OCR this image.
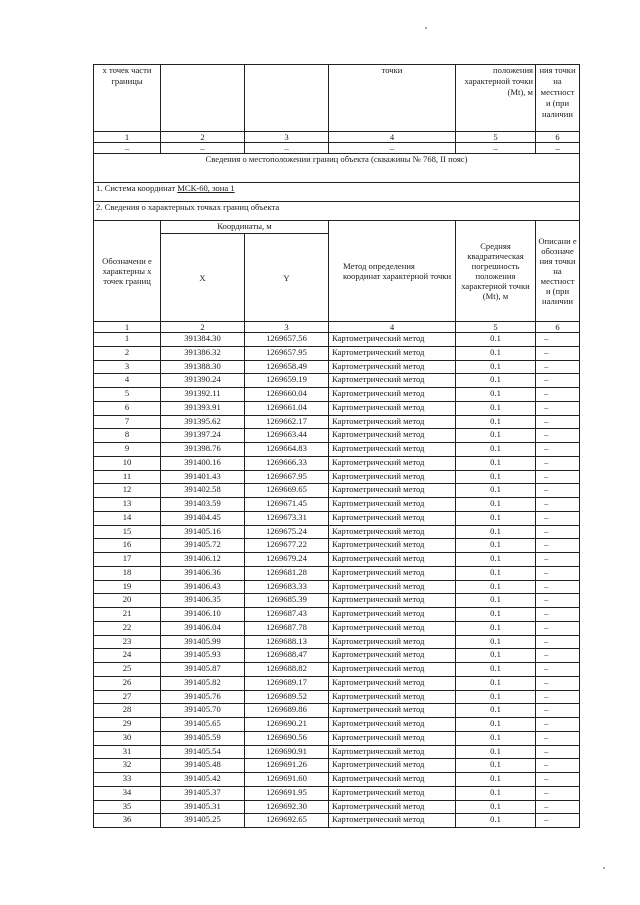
х точек части границы			точки	положения характерной точки (Mt), м	ния точки на местност и (при наличии
1	2	3	4	5	6
–	–	–	–	–	–
Сведения о местоположении границ объекта (скважины № 768, II пояс)					
1. Система координат МСК-60, зона 1					
2. Сведения о характерных точках границ объекта					
Обозначени е характерны х точек границ	Координаты, м		Метод определения координат характерной точки	Средняя квадратическая погрешность положения характерной точки (Mt), м	Описани е обозначе ния точки на местност и (при наличии
	X	Y			
1	2	3	4	5	6
1	391384.30	1269657.56	Картометрический метод	0.1	–
2	391386.32	1269657.95	Картометрический метод	0.1	–
3	391388.30	1269658.49	Картометрический метод	0.1	–
4	391390.24	1269659.19	Картометрический метод	0.1	–
5	391392.11	1269660.04	Картометрический метод	0.1	–
6	391393.91	1269661.04	Картометрический метод	0.1	–
7	391395.62	1269662.17	Картометрический метод	0.1	–
8	391397.24	1269663.44	Картометрический метод	0.1	–
9	391398.76	1269664.83	Картометрический метод	0.1	–
10	391400.16	1269666.33	Картометрический метод	0.1	–
11	391401.43	1269667.95	Картометрический метод	0.1	–
12	391402.58	1269669.65	Картометрический метод	0.1	–
13	391403.59	1269671.45	Картометрический метод	0.1	–
14	391404.45	1269673.31	Картометрический метод	0.1	–
15	391405.16	1269675.24	Картометрический метод	0.1	–
16	391405.72	1269677.22	Картометрический метод	0.1	–
17	391406.12	1269679.24	Картометрический метод	0.1	–
18	391406.36	1269681.28	Картометрический метод	0.1	–
19	391406.43	1269683.33	Картометрический метод	0.1	–
20	391406.35	1269685.39	Картометрический метод	0.1	–
21	391406.10	1269687.43	Картометрический метод	0.1	–
22	391406.04	1269687.78	Картометрический метод	0.1	–
23	391405.99	1269688.13	Картометрический метод	0.1	–
24	391405.93	1269688.47	Картометрический метод	0.1	–
25	391405.87	1269688.82	Картометрический метод	0.1	–
26	391405.82	1269689.17	Картометрический метод	0.1	–
27	391405.76	1269689.52	Картометрический метод	0.1	–
28	391405.70	1269689.86	Картометрический метод	0.1	–
29	391405.65	1269690.21	Картометрический метод	0.1	–
30	391405.59	1269690.56	Картометрический метод	0.1	–
31	391405.54	1269690.91	Картометрический метод	0.1	–
32	391405.48	1269691.26	Картометрический метод	0.1	–
33	391405.42	1269691.60	Картометрический метод	0.1	–
34	391405.37	1269691.95	Картометрический метод	0.1	–
35	391405.31	1269692.30	Картометрический метод	0.1	–
36	391405.25	1269692.65	Картометрический метод	0.1	–
